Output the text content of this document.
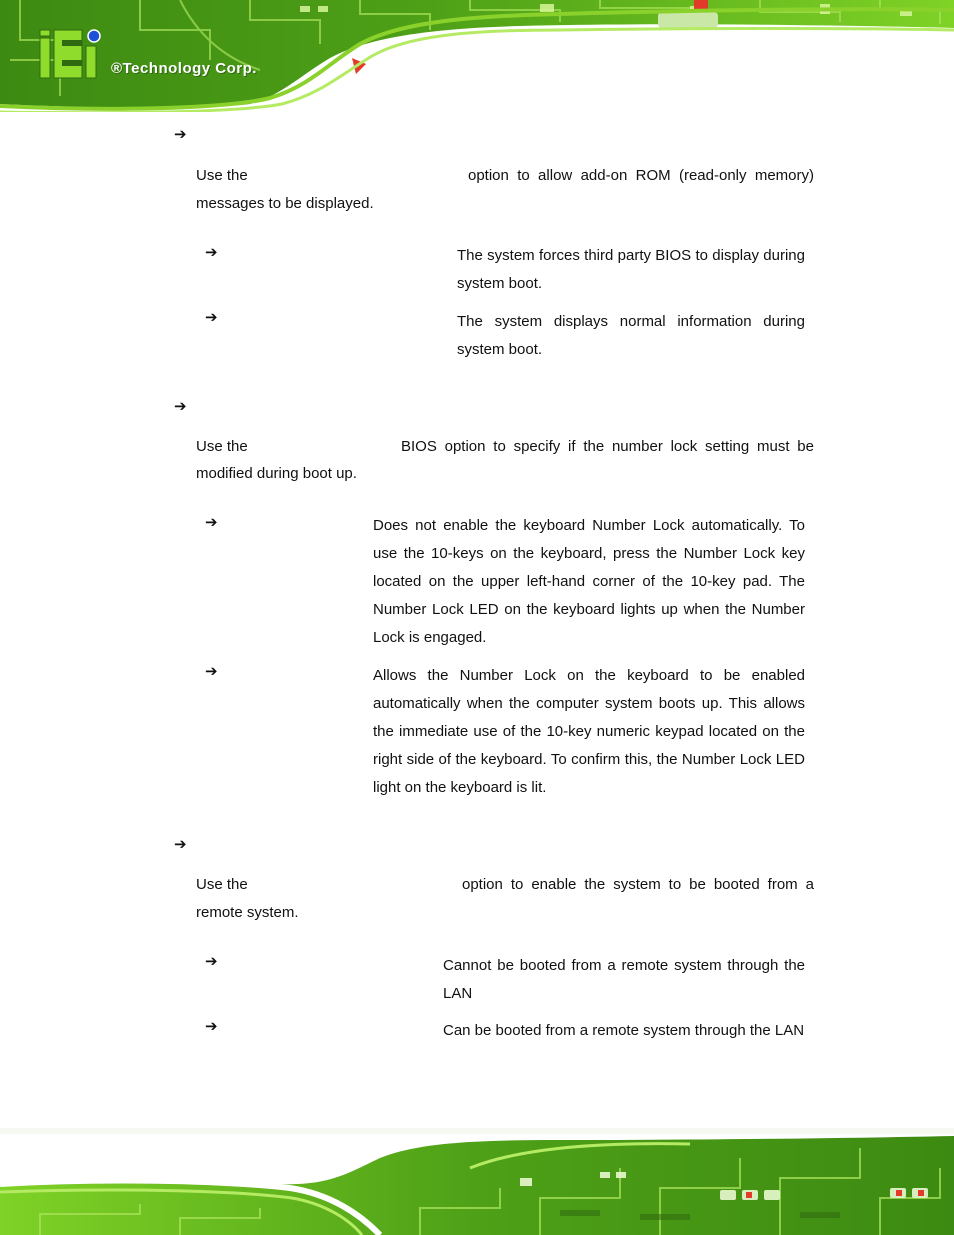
®Technology Corp.
➔
Use the	option to allow add-on ROM (read-only memory)
messages to be displayed.
➔	The system forces third party BIOS to display during system boot.
➔	The system displays normal information during system boot.
➔
Use the	BIOS option to specify if the number lock setting must be
modified during boot up.
➔	Does not enable the keyboard Number Lock automatically. To use the 10-keys on the keyboard, press the Number Lock key located on the upper left-hand corner of the 10-key pad. The Number Lock LED on the keyboard lights up when the Number Lock is engaged.
➔	Allows the Number Lock on the keyboard to be enabled automatically when the computer system boots up. This allows the immediate use of the 10-key numeric keypad located on the right side of the keyboard. To confirm this, the Number Lock LED light on the keyboard is lit.
➔
Use the	option to enable the system to be booted from a
remote system.
➔	Cannot be booted from a remote system through the LAN
➔	Can be booted from a remote system through the LAN
